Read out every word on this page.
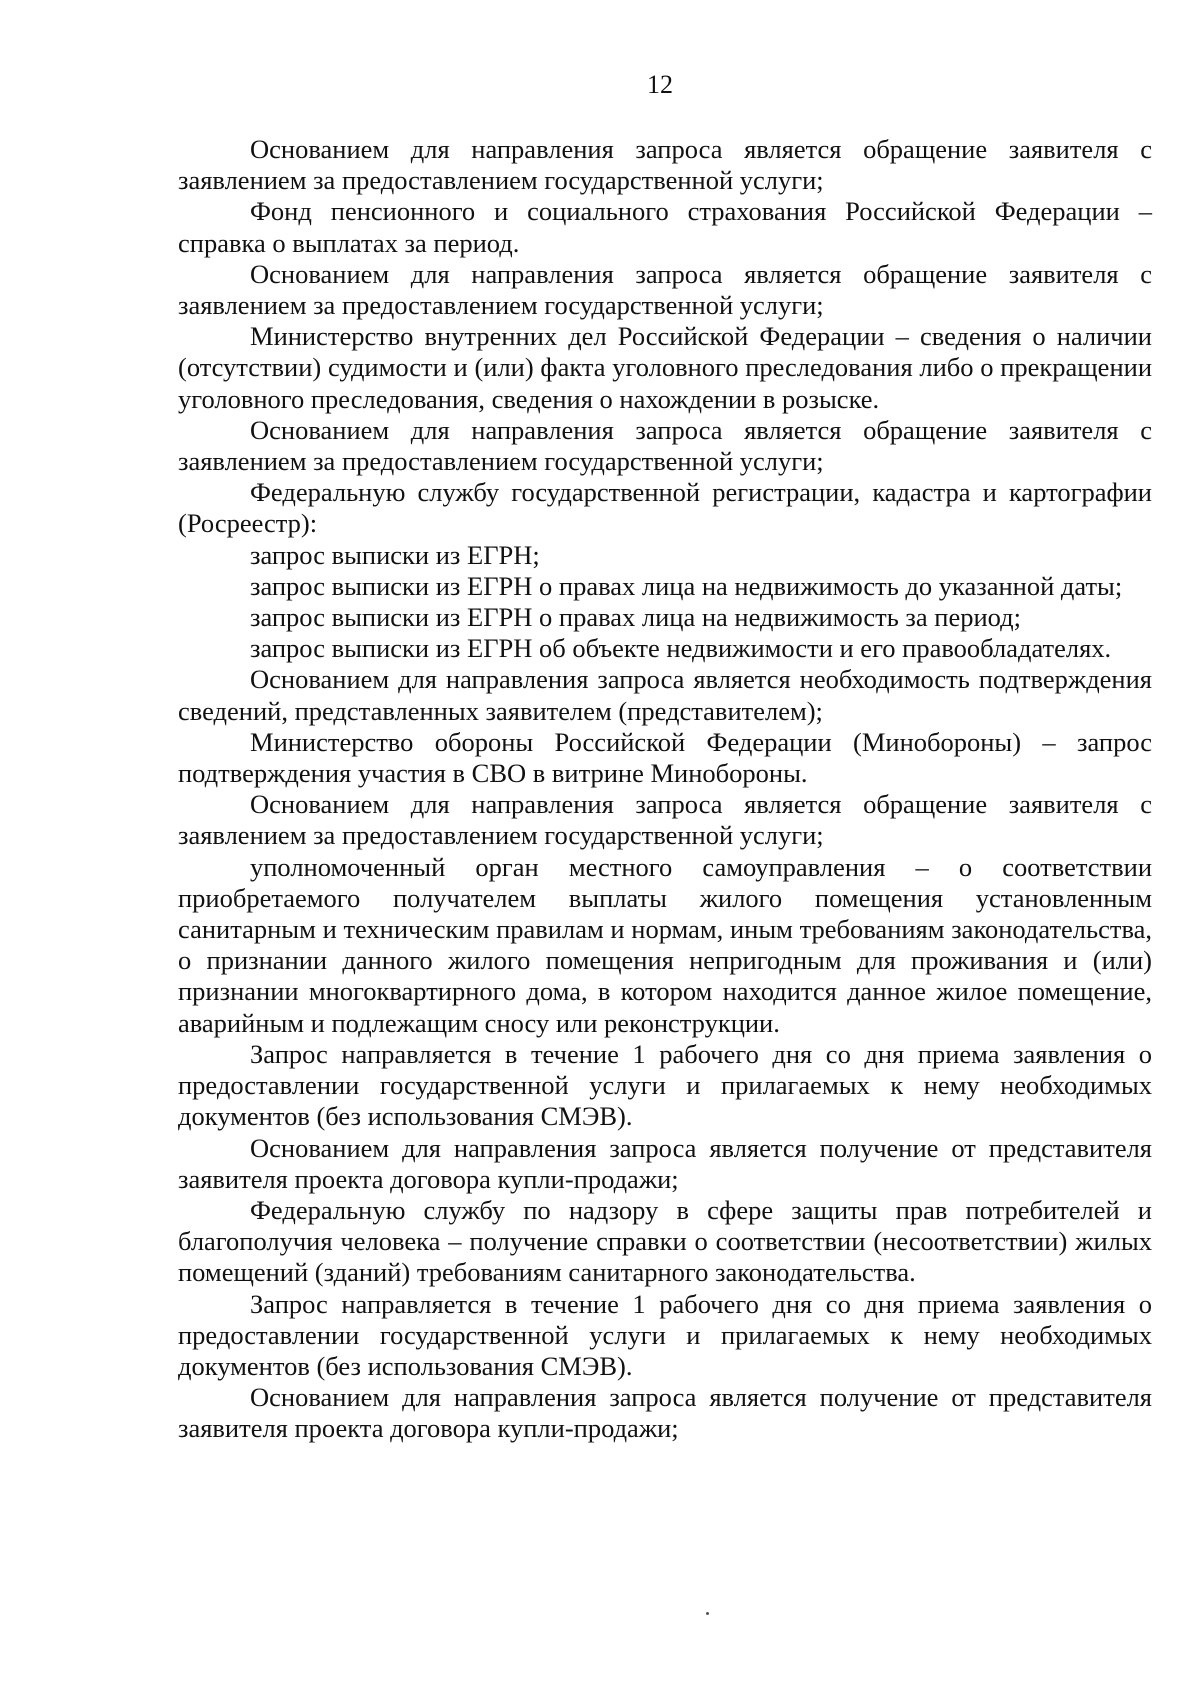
12

Основанием для направления запроса является обращение заявителя с заявлением за предоставлением государственной услуги;

Фонд пенсионного и социального страхования Российской Федерации – справка о выплатах за период.

Основанием для направления запроса является обращение заявителя с заявлением за предоставлением государственной услуги;

Министерство внутренних дел Российской Федерации – сведения о наличии (отсутствии) судимости и (или) факта уголовного преследования либо о прекращении уголовного преследования, сведения о нахождении в розыске.

Основанием для направления запроса является обращение заявителя с заявлением за предоставлением государственной услуги;

Федеральную службу государственной регистрации, кадастра и картографии (Росреестр):

запрос выписки из ЕГРН;

запрос выписки из ЕГРН о правах лица на недвижимость до указанной даты;

запрос выписки из ЕГРН о правах лица на недвижимость за период;

запрос выписки из ЕГРН об объекте недвижимости и его правообладателях.

Основанием для направления запроса является необходимость подтверждения сведений, представленных заявителем (представителем);

Министерство обороны Российской Федерации (Минобороны) – запрос подтверждения участия в СВО в витрине Минобороны.

Основанием для направления запроса является обращение заявителя с заявлением за предоставлением государственной услуги;

уполномоченный орган местного самоуправления – о соответствии приобретаемого получателем выплаты жилого помещения установленным санитарным и техническим правилам и нормам, иным требованиям законодательства, о признании данного жилого помещения непригодным для проживания и (или) признании многоквартирного дома, в котором находится данное жилое помещение, аварийным и подлежащим сносу или реконструкции.

Запрос направляется в течение 1 рабочего дня со дня приема заявления о предоставлении государственной услуги и прилагаемых к нему необходимых документов (без использования СМЭВ).

Основанием для направления запроса является получение от представителя заявителя проекта договора купли-продажи;

Федеральную службу по надзору в сфере защиты прав потребителей и благополучия человека – получение справки о соответствии (несоответствии) жилых помещений (зданий) требованиям санитарного законодательства.

Запрос направляется в течение 1 рабочего дня со дня приема заявления о предоставлении государственной услуги и прилагаемых к нему необходимых документов (без использования СМЭВ).

Основанием для направления запроса является получение от представителя заявителя проекта договора купли-продажи;
